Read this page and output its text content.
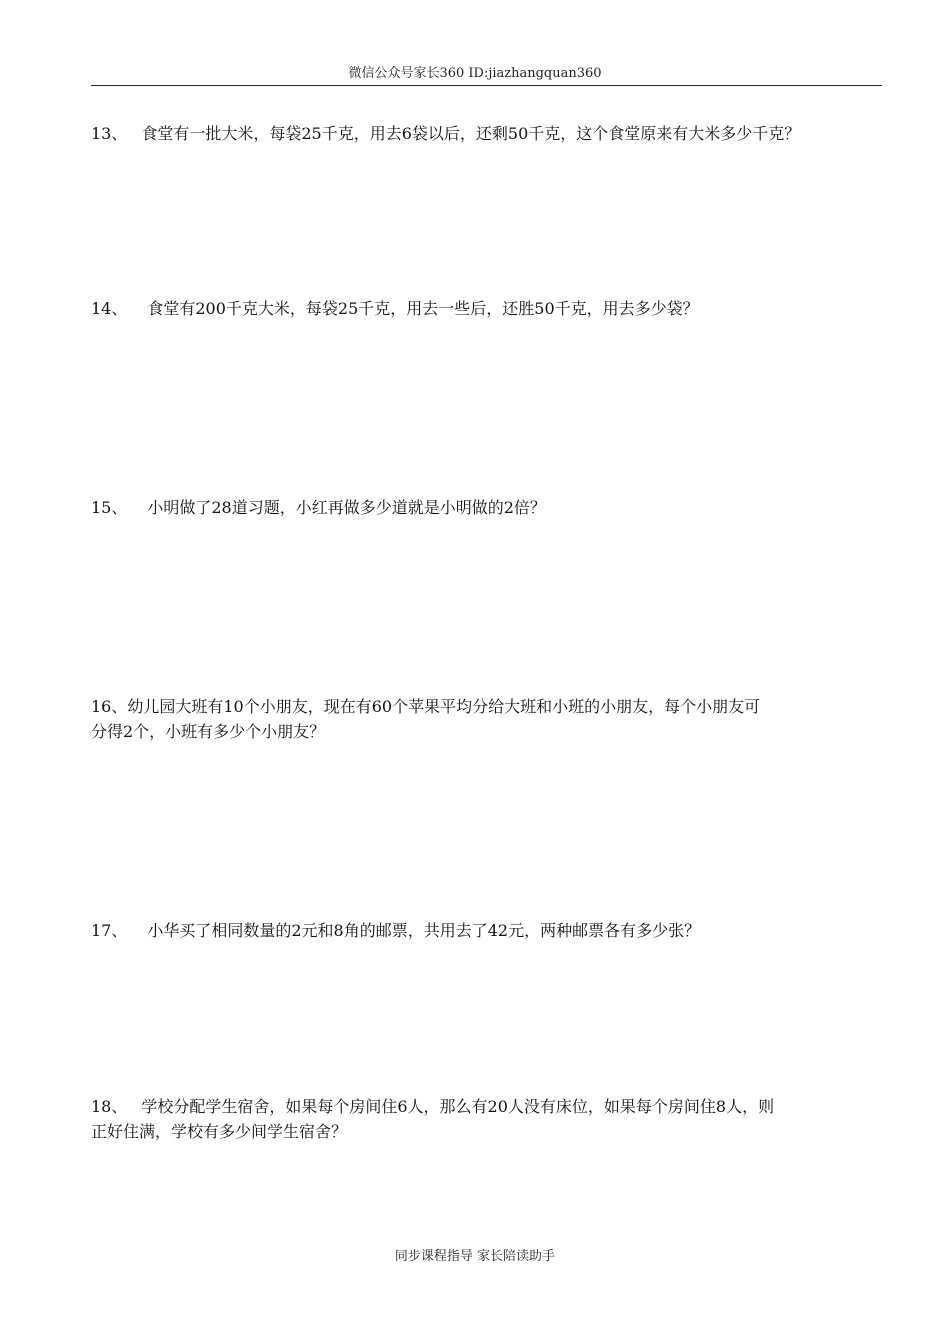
微信公众号家长360 ID:jiazhangquan360
13、 食堂有一批大米，每袋25千克，用去6袋以后，还剩50千克，这个食堂原来有大米多少千克？
14、 食堂有200千克大米，每袋25千克，用去一些后，还胜50千克，用去多少袋？
15、 小明做了28道习题，小红再做多少道就是小明做的2倍？
16、幼儿园大班有10个小朋友，现在有60个苹果平均分给大班和小班的小朋友，每个小朋友可
分得2个，小班有多少个小朋友？
17、 小华买了相同数量的2元和8角的邮票，共用去了42元，两种邮票各有多少张？
18、 学校分配学生宿舍，如果每个房间住6人，那么有20人没有床位，如果每个房间住8人，则
正好住满，学校有多少间学生宿舍？
同步课程指导 家长陪读助手
